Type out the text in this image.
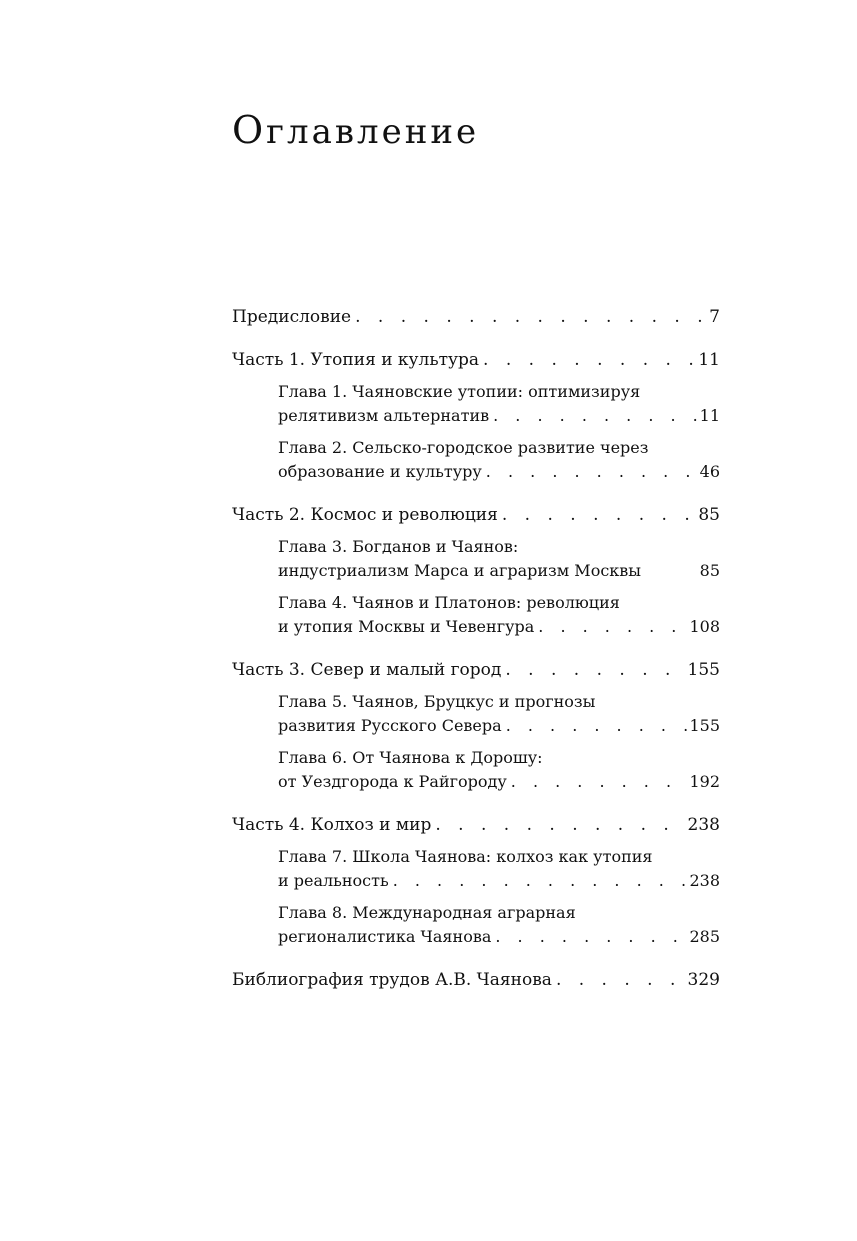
Оглавление
Предисловие . . .	7
Часть 1. Утопия и культура . . .	11
Глава 1. Чаяновские утопии: оптимизируя
релятивизм альтернатив . . .	11
Глава 2. Сельско-городское развитие через
образование и культуру . . .	46
Часть 2. Космос и революция . . .	85
Глава 3. Богданов и Чаянов:
индустриализм Марса и аграризм Москвы	85
Глава 4. Чаянов и Платонов: революция
и утопия Москвы и Чевенгура . . .	108
Часть 3. Север и малый город . . .	155
Глава 5. Чаянов, Бруцкус и прогнозы
развития Русского Севера . . .	155
Глава 6. От Чаянова к Дорошу:
от Уездгорода к Райгороду . . .	192
Часть 4. Колхоз и мир . . .	238
Глава 7. Школа Чаянова: колхоз как утопия
и реальность . . .	238
Глава 8. Международная аграрная
регионалистика Чаянова . . .	285
Библиография трудов А.В. Чаянова . . .	329
